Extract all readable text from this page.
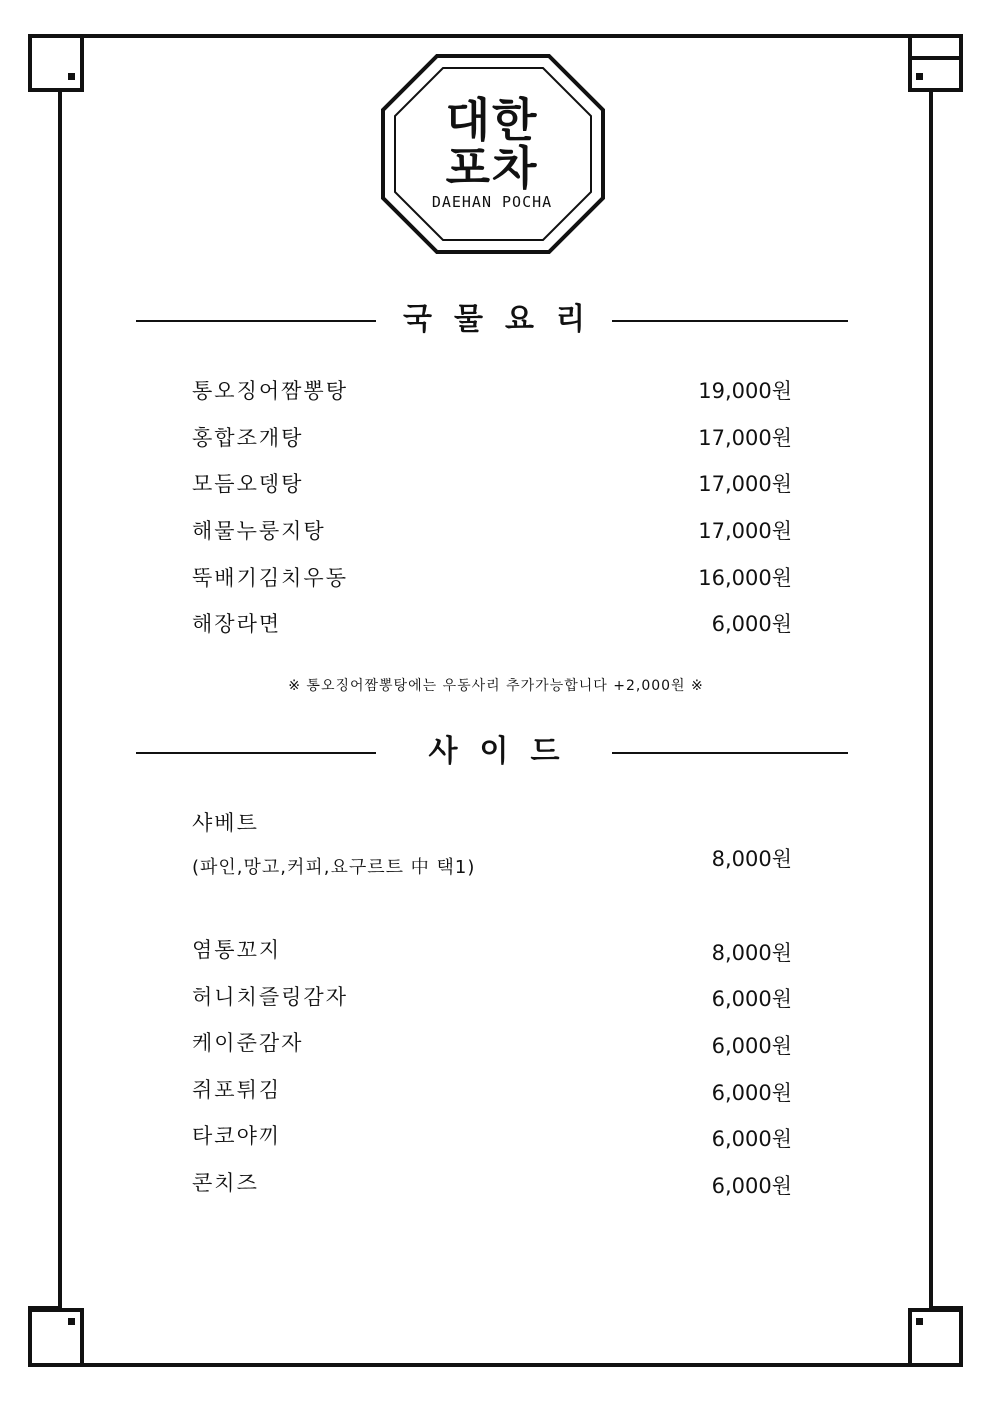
대한
포차
DAEHAN POCHA
국물요리
통오징어짬뽕탕	19,000원
홍합조개탕	17,000원
모듬오뎅탕	17,000원
해물누룽지탕	17,000원
뚝배기김치우동	16,000원
해장라면	6,000원
※ 통오징어짬뽕탕에는 우동사리 추가가능합니다 +2,000원 ※
사이드
샤베트
(파인,망고,커피,요구르트 中 택1)	8,000원
염통꼬지	8,000원
허니치즐링감자	6,000원
케이준감자	6,000원
쥐포튀김	6,000원
타코야끼	6,000원
콘치즈	6,000원
